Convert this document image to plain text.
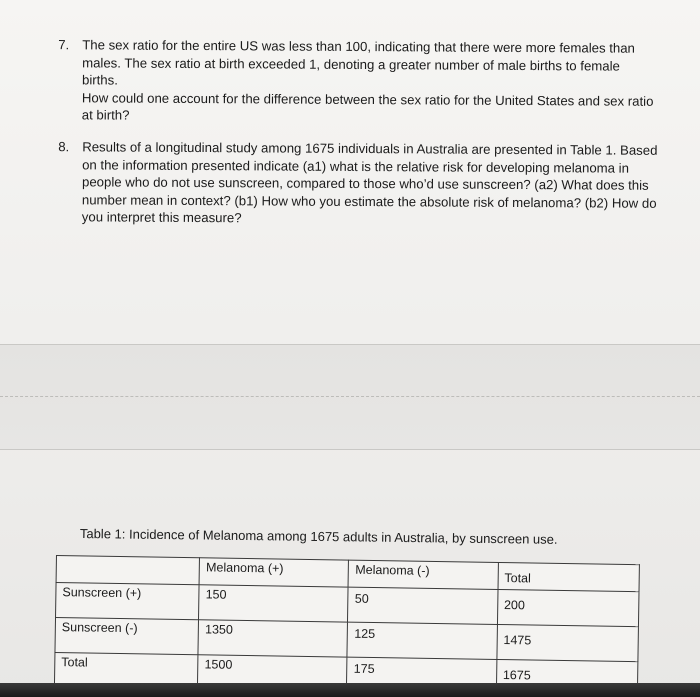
7. The sex ratio for the entire US was less than 100, indicating that there were more females than
males. The sex ratio at birth exceeded 1, denoting a greater number of male births to female births.
How could one account for the difference between the sex ratio for the United States and sex ratio
at birth?
8. Results of a longitudinal study among 1675 individuals in Australia are presented in Table 1. Based
on the information presented indicate (a1) what is the relative risk for developing melanoma in
people who do not use sunscreen, compared to those who’d use sunscreen? (a2) What does this
number mean in context? (b1) How who you estimate the absolute risk of melanoma? (b2) How do
you interpret this measure?
Table 1: Incidence of Melanoma among 1675 adults in Australia, by sunscreen use.
	Melanoma (+)	Melanoma (-)	Total
Sunscreen (+)	150	50	200
Sunscreen (-)	1350	125	1475
Total	1500	175	1675
